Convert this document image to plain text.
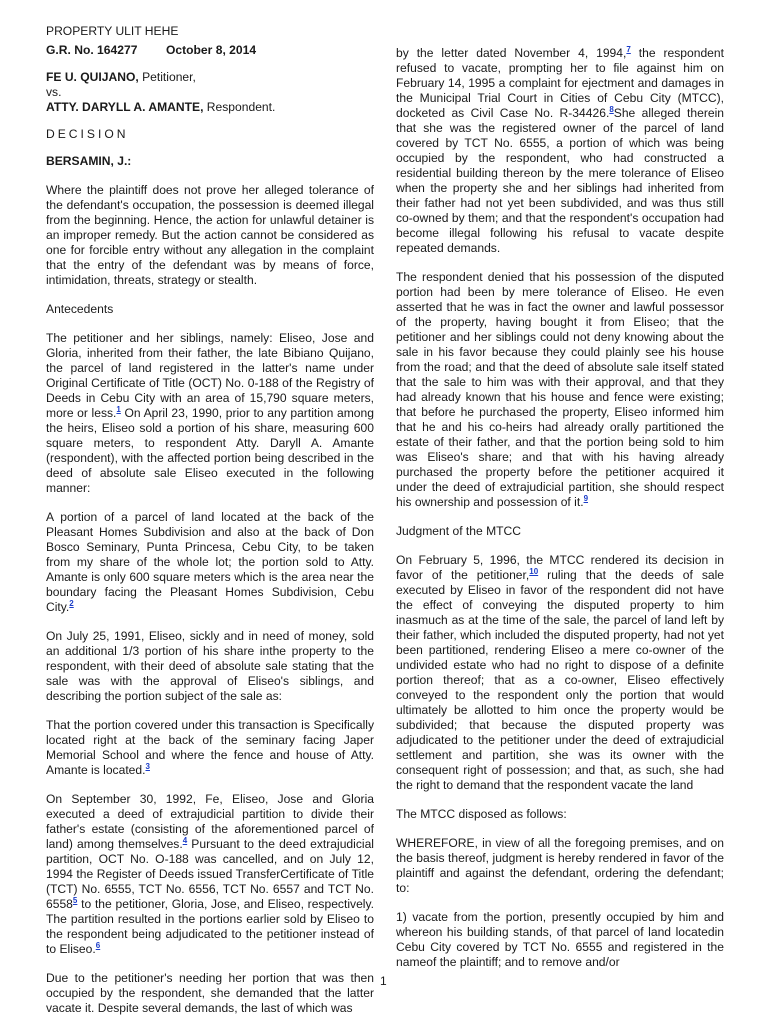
PROPERTY ULIT HEHE

G.R. No. 164277	October 8, 2014
FE U. QUIJANO, Petitioner,
vs.
ATTY. DARYLL A. AMANTE, Respondent.
DECISION
BERSAMIN, J.:

Where the plaintiff does not prove her alleged tolerance of the defendant's occupation, the possession is deemed illegal from the beginning. Hence, the action for unlawful detainer is an improper remedy. But the action cannot be considered as one for forcible entry without any allegation in the complaint that the entry of the defendant was by means of force, intimidation, threats, strategy or stealth.

Antecedents

The petitioner and her siblings, namely: Eliseo, Jose and Gloria, inherited from their father, the late Bibiano Quijano, the parcel of land registered in the latter's name under Original Certificate of Title (OCT) No. 0-188 of the Registry of Deeds in Cebu City with an area of 15,790 square meters, more or less.$^1$ On April 23, 1990, prior to any partition among the heirs, Eliseo sold a portion of his share, measuring 600 square meters, to respondent Atty. Daryll A. Amante (respondent), with the affected portion being described in the deed of absolute sale Eliseo executed in the following manner:

A portion of a parcel of land located at the back of the Pleasant Homes Subdivision and also at the back of Don Bosco Seminary, Punta Princesa, Cebu City, to be taken from my share of the whole lot; the portion sold to Atty. Amante is only 600 square meters which is the area near the boundary facing the Pleasant Homes Subdivision, Cebu City.$^2$

On July 25, 1991, Eliseo, sickly and in need of money, sold an additional 1/3 portion of his share inthe property to the respondent, with their deed of absolute sale stating that the sale was with the approval of Eliseo's siblings, and describing the portion subject of the sale as:

That the portion covered under this transaction is Specifically located right at the back of the seminary facing Japer Memorial School and where the fence and house of Atty. Amante is located.$^3$

On September 30, 1992, Fe, Eliseo, Jose and Gloria executed a deed of extrajudicial partition to divide their father's estate (consisting of the aforementioned parcel of land) among themselves.$^4$ Pursuant to the deed extrajudicial partition, OCT No. O-188 was cancelled, and on July 12, 1994 the Register of Deeds issued TransferCertificate of Title (TCT) No. 6555, TCT No. 6556, TCT No. 6557 and TCT No. 6558$^5$ to the petitioner, Gloria, Jose, and Eliseo, respectively. The partition resulted in the portions earlier sold by Eliseo to the respondent being adjudicated to the petitioner instead of to Eliseo.$^6$

Due to the petitioner's needing her portion that was then occupied by the respondent, she demanded that the latter vacate it. Despite several demands, the last of which was

by the letter dated November 4, 1994,$^7$ the respondent refused to vacate, prompting her to file against him on February 14, 1995 a complaint for ejectment and damages in the Municipal Trial Court in Cities of Cebu City (MTCC), docketed as Civil Case No. R-34426.$^8$She alleged therein that she was the registered owner of the parcel of land covered by TCT No. 6555, a portion of which was being occupied by the respondent, who had constructed a residential building thereon by the mere tolerance of Eliseo when the property she and her siblings had inherited from their father had not yet been subdivided, and was thus still co-owned by them; and that the respondent's occupation had become illegal following his refusal to vacate despite repeated demands.

The respondent denied that his possession of the disputed portion had been by mere tolerance of Eliseo. He even asserted that he was in fact the owner and lawful possessor of the property, having bought it from Eliseo; that the petitioner and her siblings could not deny knowing about the sale in his favor because they could plainly see his house from the road; and that the deed of absolute sale itself stated that the sale to him was with their approval, and that they had already known that his house and fence were existing; that before he purchased the property, Eliseo informed him that he and his co-heirs had already orally partitioned the estate of their father, and that the portion being sold to him was Eliseo's share; and that with his having already purchased the property before the petitioner acquired it under the deed of extrajudicial partition, she should respect his ownership and possession of it.$^9$

Judgment of the MTCC

On February 5, 1996, the MTCC rendered its decision in favor of the petitioner,$^{10}$ ruling that the deeds of sale executed by Eliseo in favor of the respondent did not have the effect of conveying the disputed property to him inasmuch as at the time of the sale, the parcel of land left by their father, which included the disputed property, had not yet been partitioned, rendering Eliseo a mere co-owner of the undivided estate who had no right to dispose of a definite portion thereof; that as a co-owner, Eliseo effectively conveyed to the respondent only the portion that would ultimately be allotted to him once the property would be subdivided; that because the disputed property was adjudicated to the petitioner under the deed of extrajudicial settlement and partition, she was its owner with the consequent right of possession; and that, as such, she had the right to demand that the respondent vacate the land

The MTCC disposed as follows:

WHEREFORE, in view of all the foregoing premises, and on the basis thereof, judgment is hereby rendered in favor of the plaintiff and against the defendant, ordering the defendant; to:

1) vacate from the portion, presently occupied by him and whereon his building stands, of that parcel of land locatedin Cebu City covered by TCT No. 6555 and registered in the nameof the plaintiff; and to remove and/or

1
